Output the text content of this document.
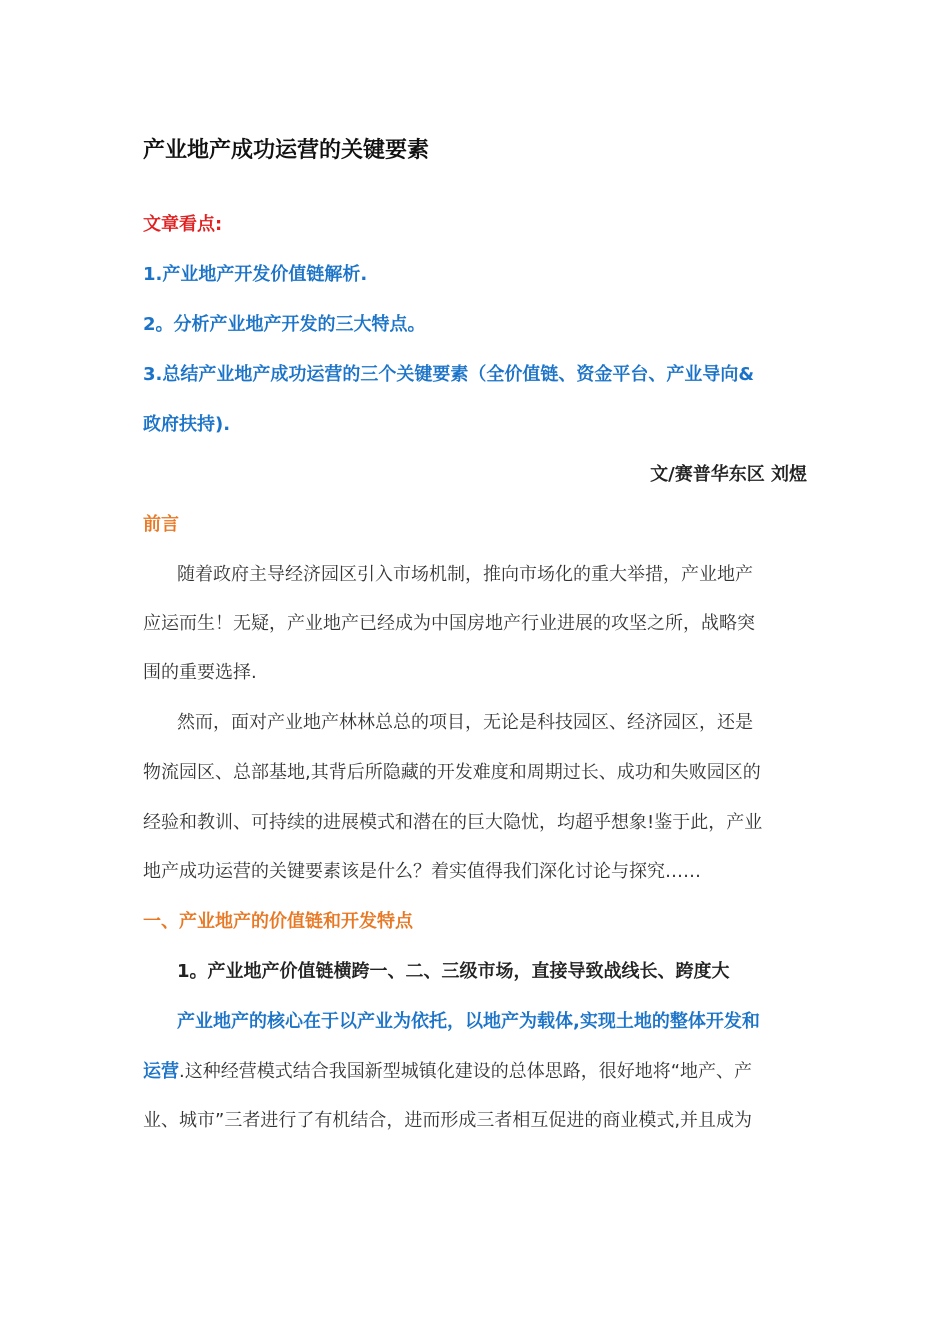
产业地产成功运营的关键要素
文章看点:
1.产业地产开发价值链解析.
2。分析产业地产开发的三大特点。
3.总结产业地产成功运营的三个关键要素（全价值链、资金平台、产业导向&
政府扶持).
文/赛普华东区 刘煜
前言
随着政府主导经济园区引入市场机制，推向市场化的重大举措，产业地产
应运而生！无疑，产业地产已经成为中国房地产行业进展的攻坚之所，战略突
围的重要选择.
然而，面对产业地产林林总总的项目，无论是科技园区、经济园区，还是
物流园区、总部基地,其背后所隐藏的开发难度和周期过长、成功和失败园区的
经验和教训、可持续的进展模式和潜在的巨大隐忧，均超乎想象!鉴于此，产业
地产成功运营的关键要素该是什么？着实值得我们深化讨论与探究……
一、产业地产的价值链和开发特点
1。产业地产价值链横跨一、二、三级市场，直接导致战线长、跨度大
产业地产的核心在于以产业为依托，以地产为载体,实现土地的整体开发和
运营.这种经营模式结合我国新型城镇化建设的总体思路，很好地将“地产、产
业、城市”三者进行了有机结合，进而形成三者相互促进的商业模式,并且成为
